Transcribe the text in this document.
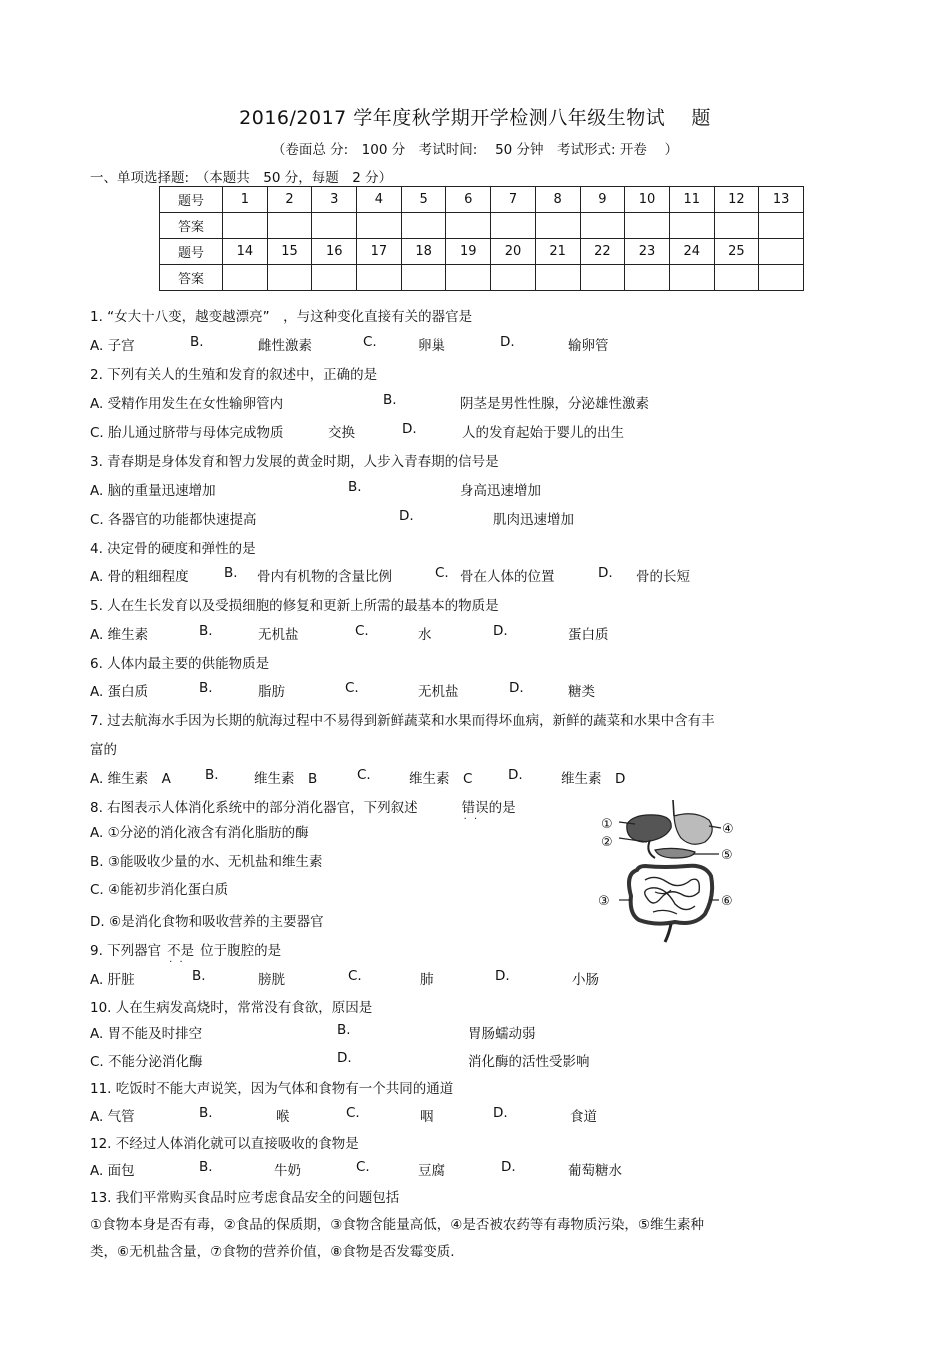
2016/2017 学年度秋学期开学检测八年级生物试　 题
（卷面总 分:　100 分　考试时间:　 50 分钟　考试形式: 开卷　 ）
一、单项选择题:　（本题共　50 分，每题　2 分）
题号	1	2	3	4	5	6	7	8	9	10	11	12	13
答案													
题号	14	15	16	17	18	19	20	21	22	23	24	25	
答案													
1. “女大十八变，越变越漂亮”　，与这种变化直接有关的器官是
A. 子宫	B.	雌性激素	C.	卵巢	D.	输卵管
2. 下列有关人的生殖和发育的叙述中，正确的是
A. 受精作用发生在女性输卵管内	B.	阴茎是男性性腺，分泌雄性激素
C. 胎儿通过脐带与母体完成物质	交换	D.	人的发育起始于婴儿的出生
3. 青春期是身体发育和智力发展的黄金时期，人步入青春期的信号是
A. 脑的重量迅速增加	B.	身高迅速增加
C. 各器官的功能都快速提高	D.	肌肉迅速增加
4. 决定骨的硬度和弹性的是
A. 骨的粗细程度	B. 骨内有机物的含量比例	C. 骨在人体的位置	D. 骨的长短
5. 人在生长发育以及受损细胞的修复和更新上所需的最基本的物质是
A. 维生素	B.	无机盐	C.	水	D.	蛋白质
6. 人体内最主要的供能物质是
A. 蛋白质	B.	脂肪	C.	无机盐	D.	糖类
7. 过去航海水手因为长期的航海过程中不易得到新鲜蔬菜和水果而得坏血病，新鲜的蔬菜和水果中含有丰
富的
A. 维生素　A	B.	维生素　B	C.	维生素　C	D.	维生素　D
8. 右图表示人体消化系统中的部分消化器官，下列叙述	错误 · ·的是
A. ①分泌的消化液含有消化脂肪的酶
B. ③能吸收少量的水、无机盐和维生素
C. ④能初步消化蛋白质
D. ⑥是消化食物和吸收营养的主要器官
①
②
③
④
⑤
⑥
9. 下列器官 不是 · · 位于腹腔的是
A. 肝脏	B.	膀胱	C.	肺	D.	小肠
10. 人在生病发高烧时，常常没有食欲，原因是
A. 胃不能及时排空	B.	胃肠蠕动弱
C. 不能分泌消化酶	D.	消化酶的活性受影响
11. 吃饭时不能大声说笑，因为气体和食物有一个共同的通道
A. 气管	B.	喉	C.	咽	D.	食道
12. 不经过人体消化就可以直接吸收的食物是
A. 面包	B.	牛奶	C.	豆腐	D.	葡萄糖水
13. 我们平常购买食品时应考虑食品安全的问题包括
①食物本身是否有毒，②食品的保质期，③食物含能量高低，④是否被农药等有毒物质污染，⑤维生素种
类，⑥无机盐含量，⑦食物的营养价值，⑧食物是否发霉变质.
